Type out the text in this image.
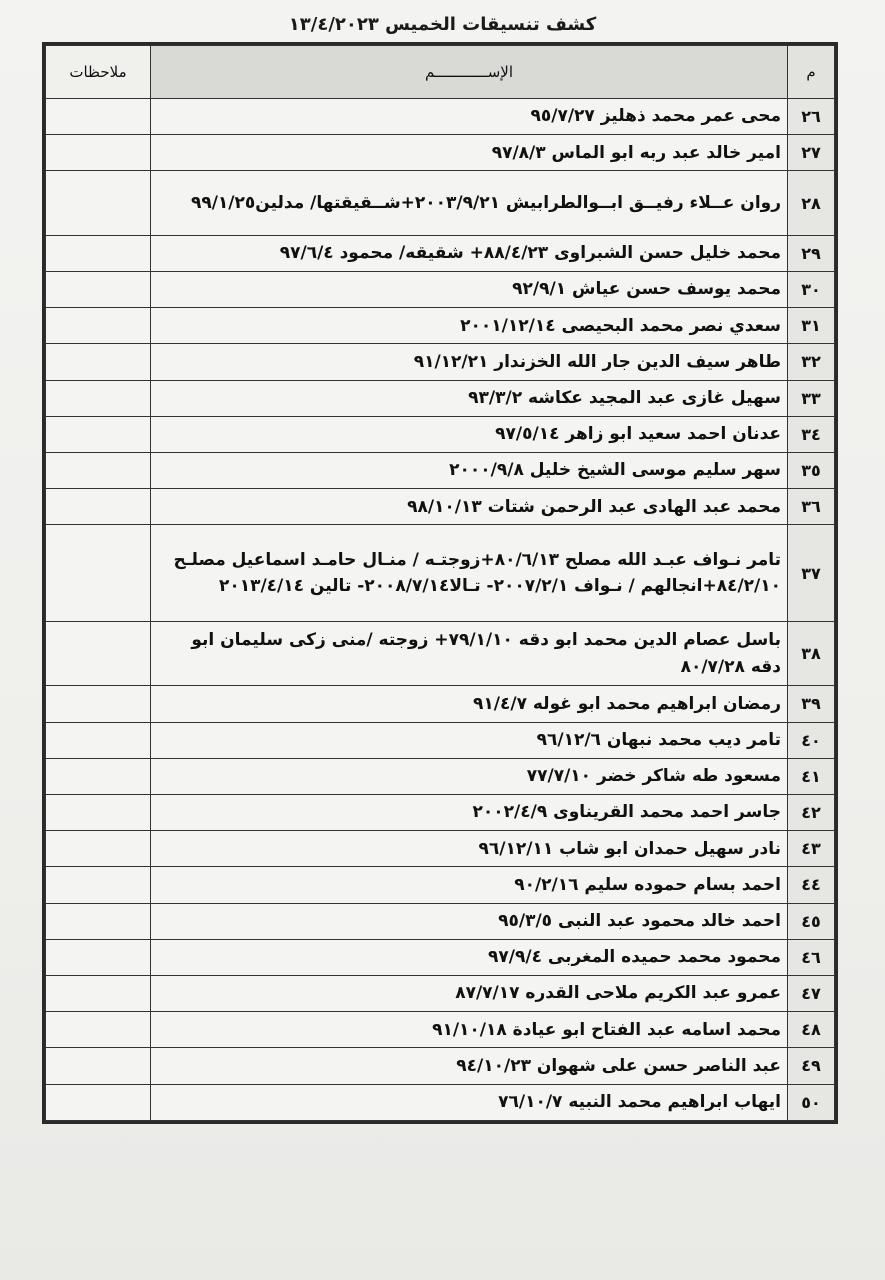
كشف تنسيقات الخميس ١٣/٤/٢٠٢٣
م	الإســــــــــــم	ملاحظات
٢٦	محى عمر محمد ذهليز ٩٥/٧/٢٧	
٢٧	امير خالد عبد ربه ابو الماس ٩٧/٨/٣	
٢٨	روان عــلاء رفيــق ابــوالطرابيش ٢٠٠٣/٩/٢١+شــقيقتها/ مدلين٩٩/١/٢٥	
٢٩	محمد خليل حسن الشبراوى ٨٨/٤/٢٣+ شقيقه/ محمود ٩٧/٦/٤	
٣٠	محمد يوسف حسن عياش ٩٢/٩/١	
٣١	سعدي نصر محمد البحيصى ٢٠٠١/١٢/١٤	
٣٢	طاهر سيف الدين جار الله الخزندار ٩١/١٢/٢١	
٣٣	سهيل غازى عبد المجيد عكاشه ٩٣/٣/٢	
٣٤	عدنان احمد سعيد ابو زاهر ٩٧/٥/١٤	
٣٥	سهر سليم موسى الشيخ خليل ٢٠٠٠/٩/٨	
٣٦	محمد عبد الهادى عبد الرحمن شتات ٩٨/١٠/١٣	
٣٧	تامر نـواف عبـد الله مصلح ٨٠/٦/١٣+زوجتـه / منـال حامـد اسماعيل مصلـح ٨٤/٢/١٠+انجالهم / نـواف ٢٠٠٧/٢/١- تـالا٢٠٠٨/٧/١٤- تالين ٢٠١٣/٤/١٤	
٣٨	باسل عصام الدين محمد ابو دقه ٧٩/١/١٠+ زوجته /منى زكى سليمان ابو دقه ٨٠/٧/٢٨	
٣٩	رمضان ابراهيم محمد ابو غوله ٩١/٤/٧	
٤٠	تامر ديب محمد نبهان ٩٦/١٢/٦	
٤١	مسعود طه شاكر خضر ٧٧/٧/١٠	
٤٢	جاسر احمد محمد القريناوى ٢٠٠٢/٤/٩	
٤٣	نادر سهيل حمدان ابو شاب ٩٦/١٢/١١	
٤٤	احمد بسام حموده سليم ٩٠/٢/١٦	
٤٥	احمد خالد محمود عبد النبى ٩٥/٣/٥	
٤٦	محمود محمد حميده المغربى ٩٧/٩/٤	
٤٧	عمرو عبد الكريم ملاحى القدره ٨٧/٧/١٧	
٤٨	محمد اسامه عبد الفتاح ابو عيادة ٩١/١٠/١٨	
٤٩	عبد الناصر حسن على شهوان ٩٤/١٠/٢٣	
٥٠	ايهاب ابراهيم محمد النبيه ٧٦/١٠/٧	
